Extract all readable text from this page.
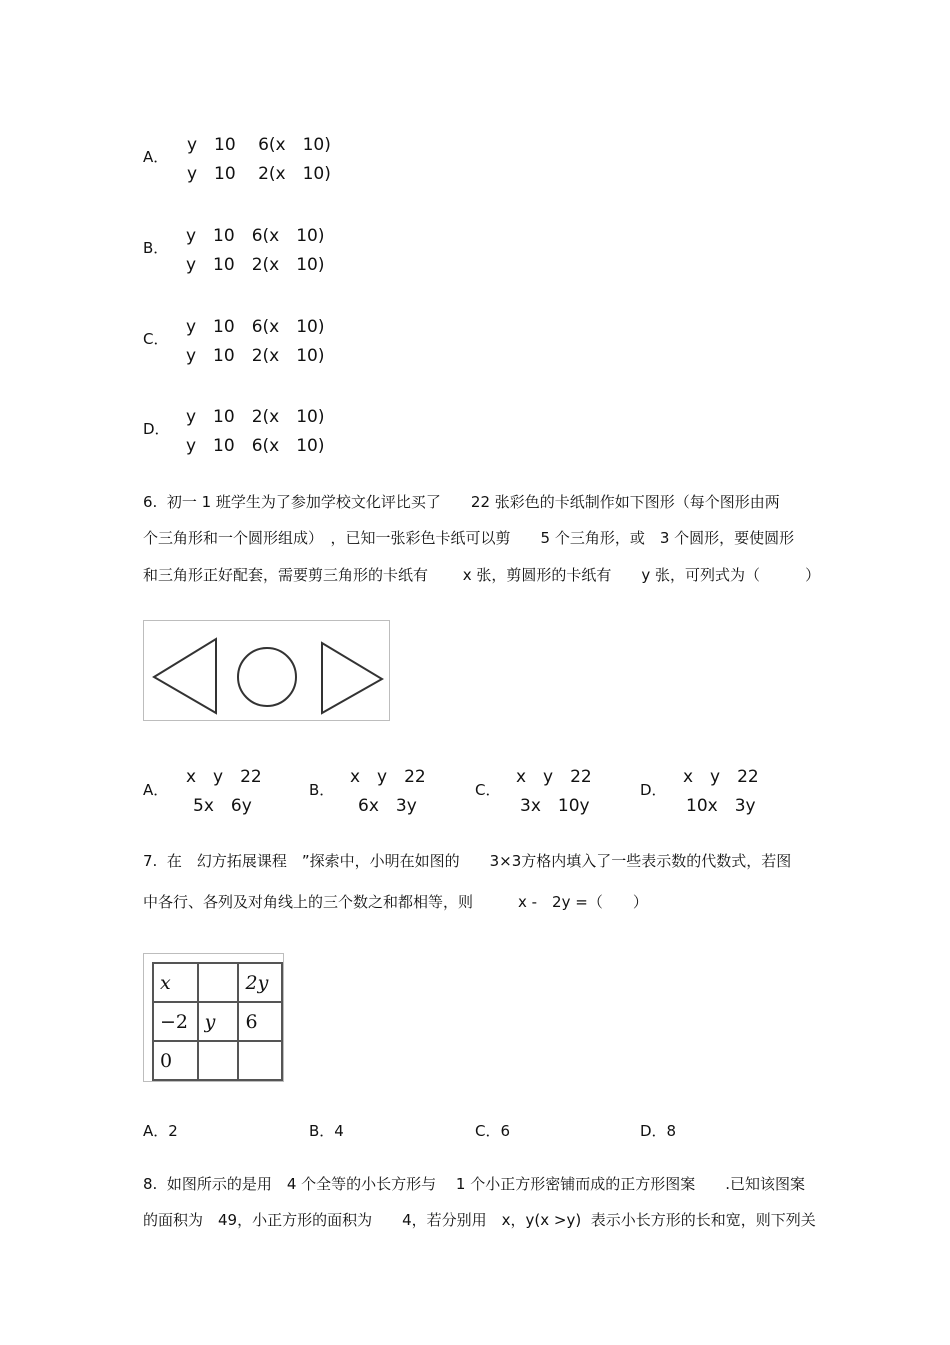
A．
y　10　 6(x　10)
y　10　 2(x　10)
B．
y　10　6(x　10)
y　10　2(x　10)
C．
y　10　6(x　10)
y　10　2(x　10)
D．
y　10　2(x　10)
y　10　6(x　10)
6.  初一 1 班学生为了参加学校文化评比买了　　22 张彩色的卡纸制作如下图形（每个图形由两
个三角形和一个圆形组成）　，已知一张彩色卡纸可以剪　　5 个三角形，或　3 个圆形，要使圆形
和三角形正好配套，需要剪三角形的卡纸有　　 x 张，剪圆形的卡纸有　　y 张，可列式为（　　　）
A．
x　y　22
5x　6y
B．
x　y　22
6x　3y
C．
x　y　22
3x　10y
D．
x　y　22
10x　3y
7.  在　幻方拓展课程　”探索中，小明在如图的　　3×3方格内填入了一些表示数的代数式，若图
中各行、各列及对角线上的三个数之和都相等，则　　　x -　2y =（　　）
x		2y
−2	y	6
0		
A．2	B．4	C．6	D．8
8.  如图所示的是用　4 个全等的小长方形与　 1 个小正方形密铺而成的正方形图案　　.已知该图案
的面积为　49，小正方形的面积为　　4，若分别用　x，y(x >y)  表示小长方形的长和宽，则下列关
